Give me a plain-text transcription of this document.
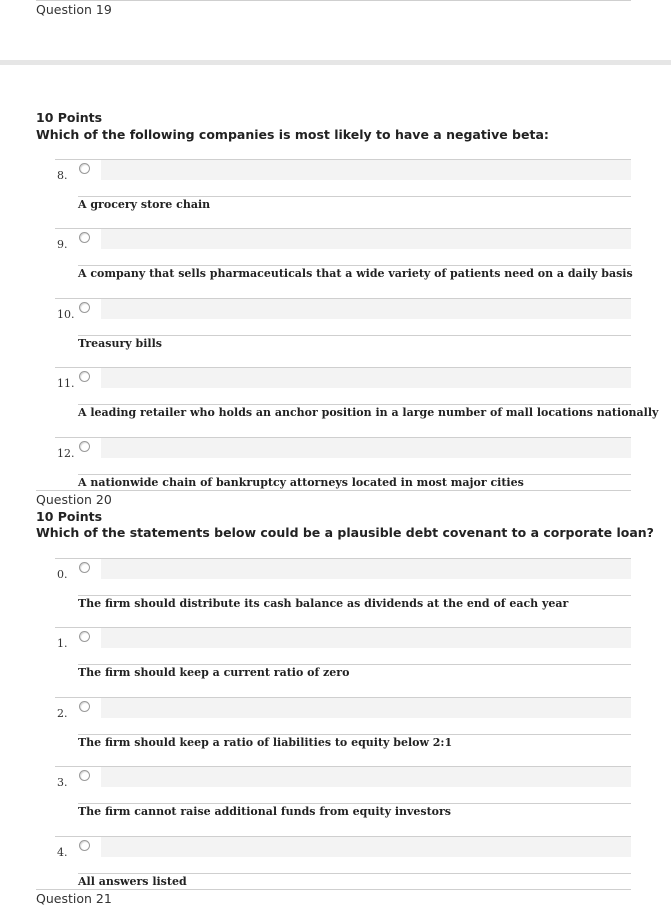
Question 19
10 Points
Which of the following companies is most likely to have a negative beta:
8.
A grocery store chain
9.
A company that sells pharmaceuticals that a wide variety of patients need on a daily basis
10.
Treasury bills
11.
A leading retailer who holds an anchor position in a large number of mall locations nationally
12.
A nationwide chain of bankruptcy attorneys located in most major cities
Question 20
10 Points
Which of the statements below could be a plausible debt covenant to a corporate loan?
0.
The firm should distribute its cash balance as dividends at the end of each year
1.
The firm should keep a current ratio of zero
2.
The firm should keep a ratio of liabilities to equity below 2:1
3.
The firm cannot raise additional funds from equity investors
4.
All answers listed
Question 21
